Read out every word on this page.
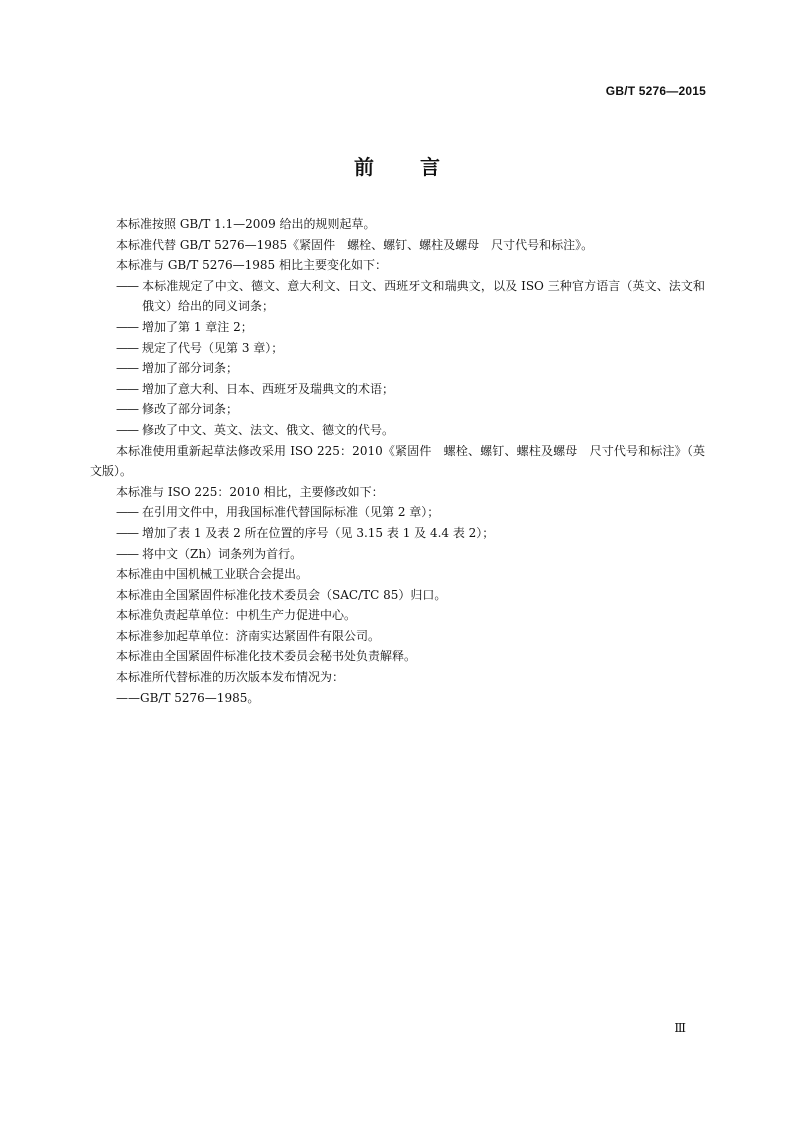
GB/T 5276—2015
前言

本标准按照 GB/T 1.1—2009 给出的规则起草。

本标准代替 GB/T 5276—1985《紧固件　螺栓、螺钉、螺柱及螺母　尺寸代号和标注》。

本标准与 GB/T 5276—1985 相比主要变化如下：

—— 本标准规定了中文、德文、意大利文、日文、西班牙文和瑞典文，以及 ISO 三种官方语言（英文、法文和俄文）给出的同义词条；

—— 增加了第 1 章注 2；

—— 规定了代号（见第 3 章）；

—— 增加了部分词条；

—— 增加了意大利、日本、西班牙及瑞典文的术语；

—— 修改了部分词条；

—— 修改了中文、英文、法文、俄文、德文的代号。

本标准使用重新起草法修改采用 ISO 225：2010《紧固件　螺栓、螺钉、螺柱及螺母　尺寸代号和标注》（英文版）。

本标准与 ISO 225：2010 相比，主要修改如下：

—— 在引用文件中，用我国标准代替国际标准（见第 2 章）；

—— 增加了表 1 及表 2 所在位置的序号（见 3.15 表 1 及 4.4 表 2）；

—— 将中文（Zh）词条列为首行。

本标准由中国机械工业联合会提出。

本标准由全国紧固件标准化技术委员会（SAC/TC 85）归口。

本标准负责起草单位：中机生产力促进中心。

本标准参加起草单位：济南实达紧固件有限公司。

本标准由全国紧固件标准化技术委员会秘书处负责解释。

本标准所代替标准的历次版本发布情况为：

——GB/T 5276—1985。

Ⅲ
